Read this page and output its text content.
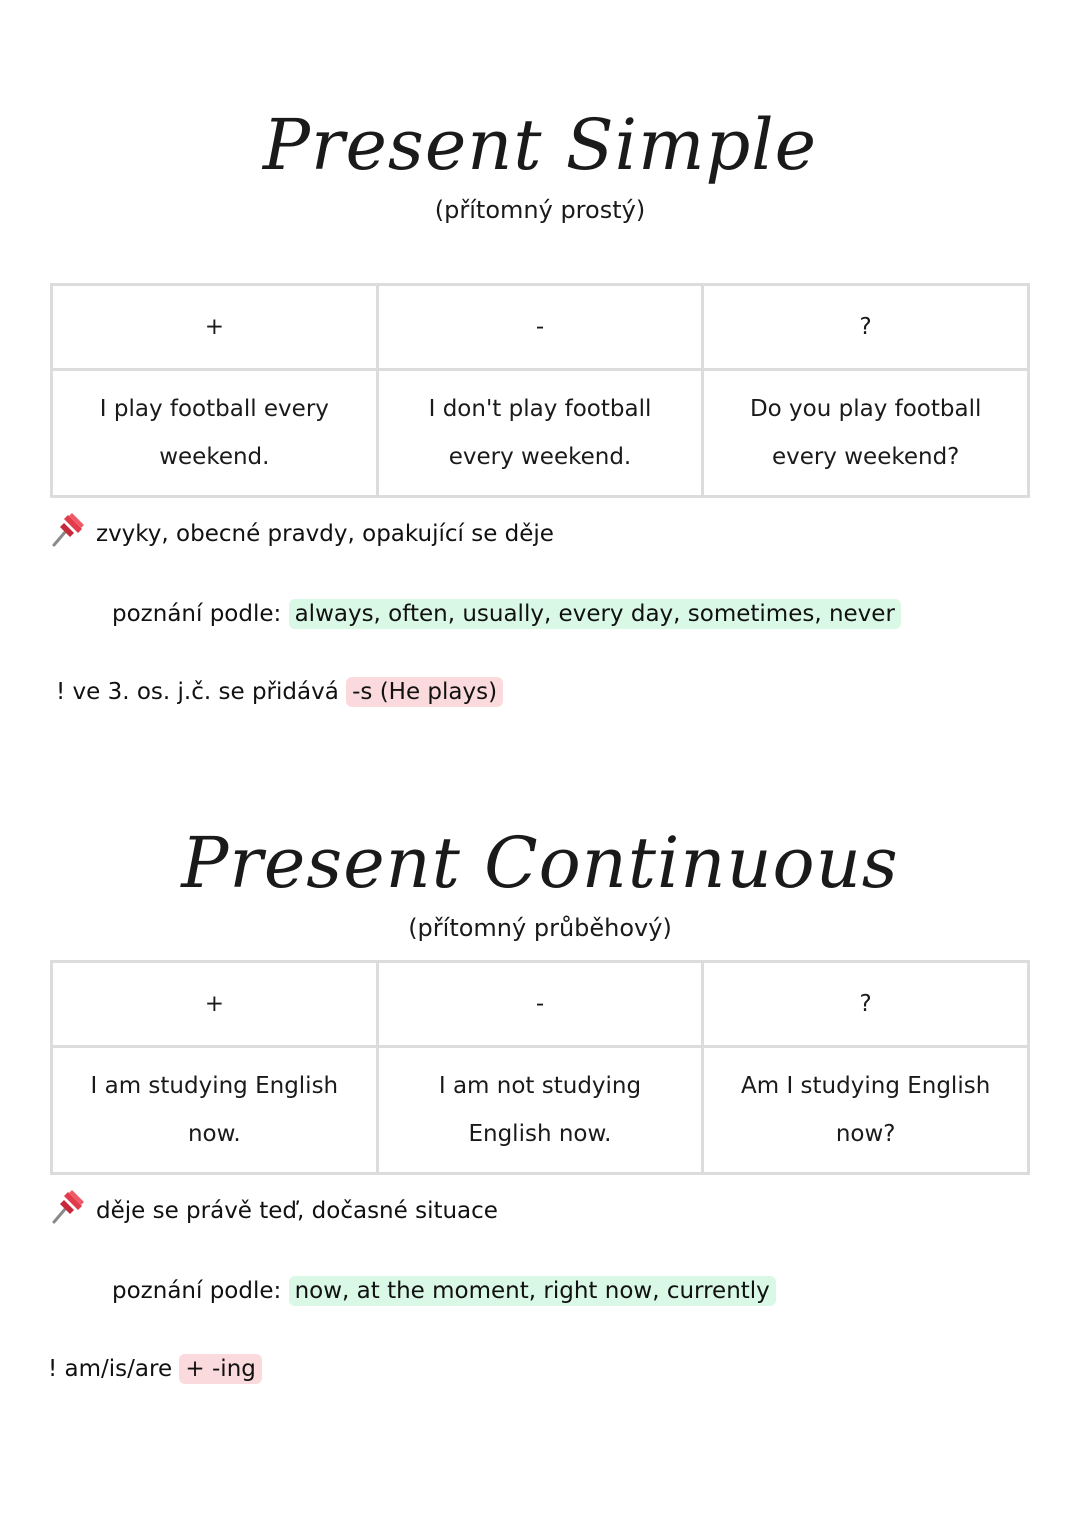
Present Simple
(přítomný prostý)
+	-	?
I play football every weekend.	I don't play football every weekend.	Do you play football every weekend?
zvyky, obecné pravdy, opakující se děje
poznání podle: always, often, usually, every day, sometimes, never
! ve 3. os. j.č. se přidává -s (He plays)
Present Continuous
(přítomný průběhový)
+	-	?
I am studying English now.	I am not studying English now.	Am I studying English now?
děje se právě teď, dočasné situace
poznání podle: now, at the moment, right now, currently
! am/is/are + -ing
